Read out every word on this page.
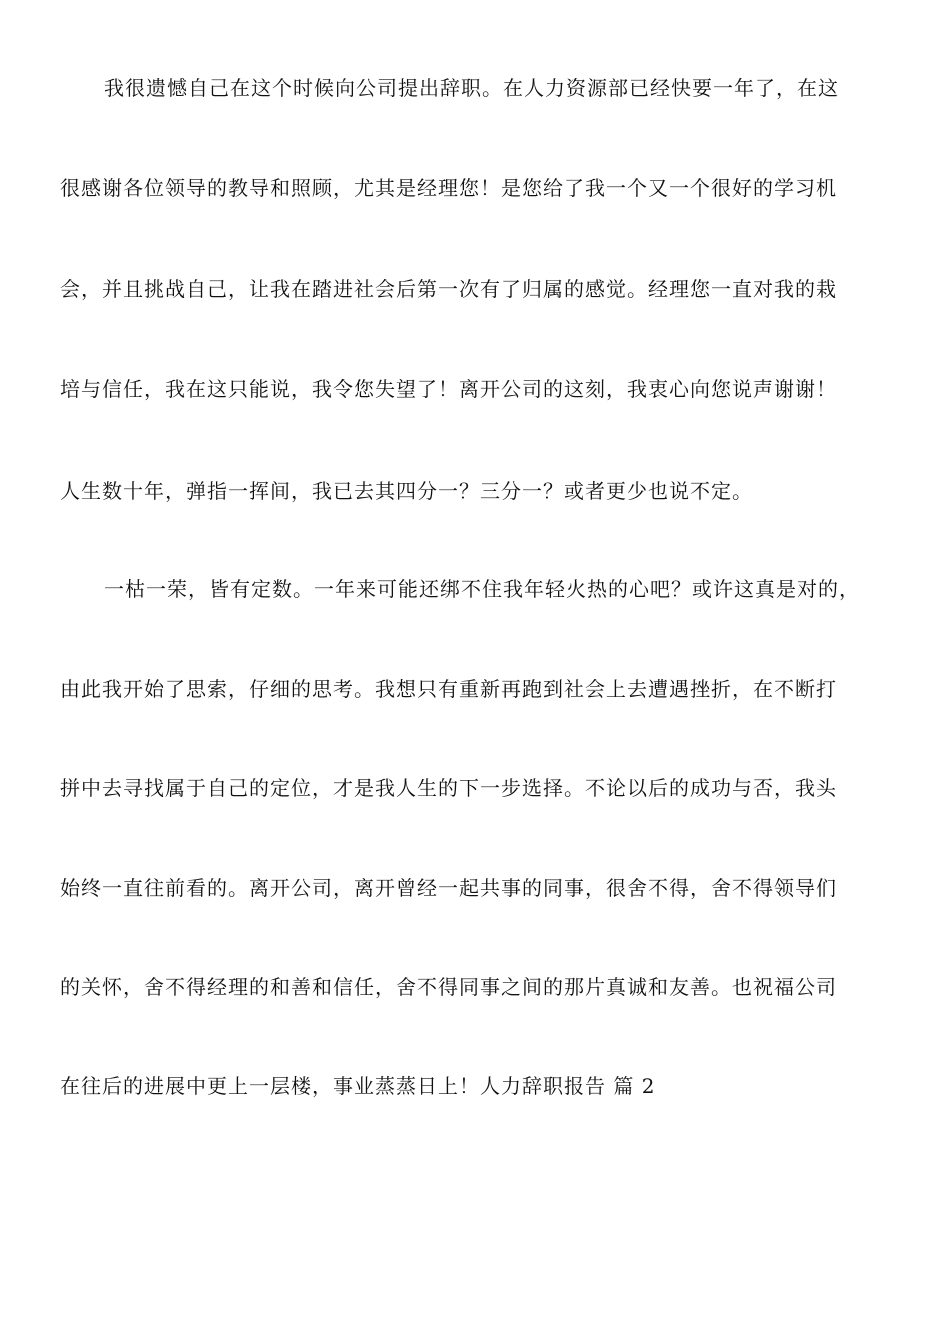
我很遗憾自己在这个时候向公司提出辞职。在人力资源部已经快要一年了，在这
很感谢各位领导的教导和照顾，尤其是经理您！是您给了我一个又一个很好的学习机
会，并且挑战自己，让我在踏进社会后第一次有了归属的感觉。经理您一直对我的栽
培与信任，我在这只能说，我令您失望了！离开公司的这刻，我衷心向您说声谢谢！
人生数十年，弹指一挥间，我已去其四分一？三分一？或者更少也说不定。
一枯一荣，皆有定数。一年来可能还绑不住我年轻火热的心吧？或许这真是对的，
由此我开始了思索，仔细的思考。我想只有重新再跑到社会上去遭遇挫折，在不断打
拼中去寻找属于自己的定位，才是我人生的下一步选择。不论以后的成功与否，我头
始终一直往前看的。离开公司，离开曾经一起共事的同事，很舍不得，舍不得领导们
的关怀，舍不得经理的和善和信任，舍不得同事之间的那片真诚和友善。也祝福公司
在往后的进展中更上一层楼，事业蒸蒸日上！人力辞职报告 篇 2
